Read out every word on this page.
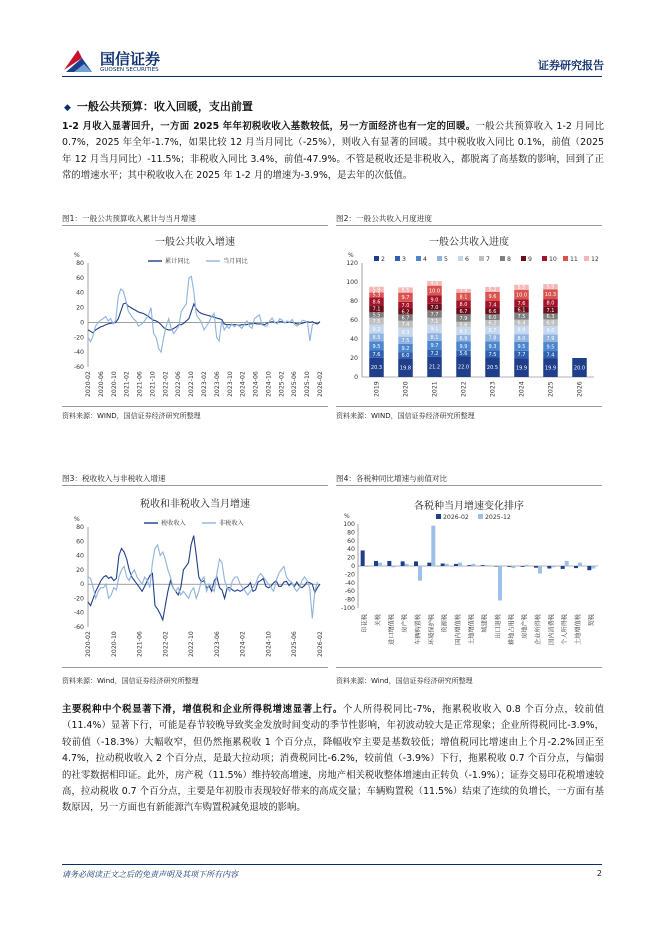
国信证券
GUOSEN SECURITIES	证券研究报告
◆ 一般公共预算：收入回暖，支出前置

1-2 月收入显著回升，一方面 2025 年年初税收收入基数较低，另一方面经济也有一定的回暖。一般公共预算收入 1-2 月同比 0.7%，2025 年全年-1.7%，如果比较 12 月当月同比（-25%），则收入有显著的回暖。其中税收收入同比 0.1%，前值（2025 年 12 月当月同比）-11.5%；非税收入同比 3.4%，前值-47.9%。不管是税收还是非税收入，都脱离了高基数的影响，回到了正常的增速水平；其中税收收入在 2025 年 1-2 月的增速为-3.9%，是去年的次低值。

图1：一般公共预算收入累计与当月增速
一般公共收入增速
%
80
60
40
20
0
-20
-40
-60
2020-02	2020-10	2021-06	2022-02	2022-10	2023-06	2024-02	2024-10	2025-06	2026-02
2020-06	2021-02	2021-10	2022-06	2023-02	2023-10	2024-06	2025-02	2025-10
累计同比	当月同比
资料来源：WIND，国信证券经济研究所整理
图2：一般公共收入月度进度
一般公共收入进度
%
120
100
80
60
40
20
0
20.3
7.6
9.5
8.5
9.2
7.5
5.5
7.1
8.6
5.3
5.9
2019
19.8
6.0
9.2
7.5
9.3
7.4
6.7
6.2
7.0
9.7
5.5
2020
21.2
7.2
9.7
8.1
9.1
7.1
7.7
7.0
9.0
10.0
4.9
2021
22.0
5.6
9.9
6.9
8.1
5.6
7.9
6.7
8.0
8.1
3.9
2022
20.5
7.5
9.3
7.8
8.7
6.2
6.0
6.6
7.4
9.6
5.2
2023
19.9
7.7
9.5
8.0
8.9
6.4
7.5
6.1
7.6
10.0
5.5
2024
19.9
7.4
9.5
7.9
9.0
6.9
6.3
7.1
8.0
10.3
5.5
2025
20.0
2026
2	3	4	5	6	7	8	9	10 11 12
资料来源：WIND，国信证券经济研究所整理
图3：税收收入与非税收入增速
税收和非税收入当月增速
%
80
60
40
20
0
-20
-40
-60
2020-02	2020-10	2021-06	2022-02	2022-10	2023-06	2024-02	2024-10	2025-06	2026-02
税收收入	非税收入
资料来源：Wind，国信证券经济研究所整理
图4：各税种同比增速与前值对比
各税种当月增速变化排序
%
100
80
60
40
20
0
-20
-40
-60
-80
-100
印花税 关税 进口增值税 房产税 车辆购置税 环境保护税 资源税 国内增值税 土地增值税 城建税 出口退税 耕地占用税 房地产税 企业所得税 国内消费税 个人所得税 土地增值税 契税
2026-02	2025-12
资料来源：Wind，国信证券经济研究所整理

主要税种中个税显著下滑，增值税和企业所得税增速显著上行。个人所得税同比-7%，拖累税收收入 0.8 个百分点，较前值（11.4%）显著下行，可能是春节较晚导致奖金发放时间变动的季节性影响，年初波动较大是正常现象；企业所得税同比-3.9%，较前值（-18.3%）大幅收窄，但仍然拖累税收 1 个百分点，降幅收窄主要是基数较低；增值税同比增速由上个月-2.2%回正至 4.7%，拉动税收收入 2 个百分点，是最大拉动项；消费税同比-6.2%，较前值（-3.9%）下行，拖累税收 0.7 个百分点，与偏弱的社零数据相印证。此外，房产税（11.5%）维持较高增速，房地产相关税收整体增速由正转负（-1.9%）；证券交易印花税增速较高，拉动税收 0.7 个百分点，主要是年初股市表现较好带来的高成交量；车辆购置税（11.5%）结束了连续的负增长，一方面有基数原因，另一方面也有新能源汽车购置税减免退坡的影响。

请务必阅读正文之后的免责声明及其项下所有内容	2
